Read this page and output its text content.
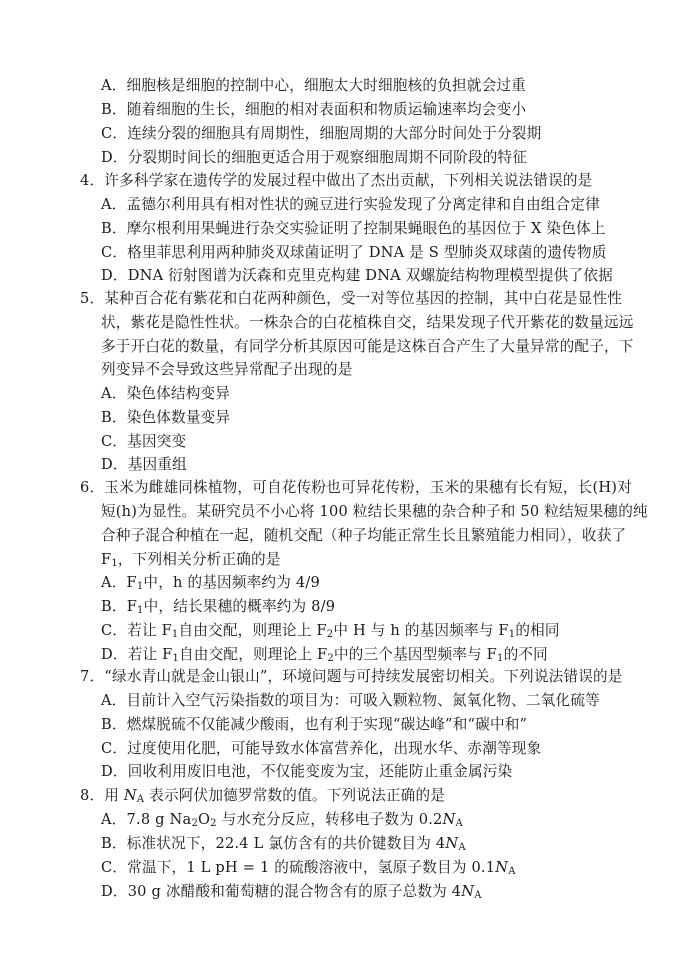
A．细胞核是细胞的控制中心，细胞太大时细胞核的负担就会过重
B．随着细胞的生长，细胞的相对表面积和物质运输速率均会变小
C．连续分裂的细胞具有周期性，细胞周期的大部分时间处于分裂期
D．分裂期时间长的细胞更适合用于观察细胞周期不同阶段的特征
4．许多科学家在遗传学的发展过程中做出了杰出贡献，下列相关说法错误的是
A．孟德尔利用具有相对性状的豌豆进行实验发现了分离定律和自由组合定律
B．摩尔根利用果蝇进行杂交实验证明了控制果蝇眼色的基因位于 X 染色体上
C．格里菲思利用两种肺炎双球菌证明了 DNA 是 S 型肺炎双球菌的遗传物质
D．DNA 衍射图谱为沃森和克里克构建 DNA 双螺旋结构物理模型提供了依据
5．某种百合花有紫花和白花两种颜色，受一对等位基因的控制，其中白花是显性性
状，紫花是隐性性状。一株杂合的白花植株自交，结果发现子代开紫花的数量远远
多于开白花的数量，有同学分析其原因可能是这株百合产生了大量异常的配子，下
列变异不会导致这些异常配子出现的是
A．染色体结构变异
B．染色体数量变异
C．基因突变
D．基因重组
6．玉米为雌雄同株植物，可自花传粉也可异花传粉，玉米的果穗有长有短，长(H)对
短(h)为显性。某研究员不小心将 100 粒结长果穗的杂合种子和 50 粒结短果穗的纯
合种子混合种植在一起，随机交配（种子均能正常生长且繁殖能力相同），收获了
$F_1$，下列相关分析正确的是
A．$F_1$中，h 的基因频率约为 4/9
B．$F_1$中，结长果穗的概率约为 8/9
C．若让 $F_1$自由交配，则理论上 $F_2$中 H 与 h 的基因频率与 $F_1$的相同
D．若让 $F_1$自由交配，则理论上 $F_2$中的三个基因型频率与 $F_1$的不同
7．“绿水青山就是金山银山”，环境问题与可持续发展密切相关。下列说法错误的是
A．目前计入空气污染指数的项目为：可吸入颗粒物、氮氧化物、二氧化硫等
B．燃煤脱硫不仅能减少酸雨，也有利于实现“碳达峰”和“碳中和”
C．过度使用化肥，可能导致水体富营养化，出现水华、赤潮等现象
D．回收利用废旧电池，不仅能变废为宝，还能防止重金属污染
8．用 $N_A$ 表示阿伏加德罗常数的值。下列说法正确的是
A．7.8 g $Na_2O_2$ 与水充分反应，转移电子数为 $0.2N_A$
B．标准状况下，22.4 L 氯仿含有的共价键数目为 $4N_A$
C．常温下，1 L pH = 1 的硫酸溶液中，氢原子数目为 $0.1N_A$
D．30 g 冰醋酸和葡萄糖的混合物含有的原子总数为 $4N_A$
